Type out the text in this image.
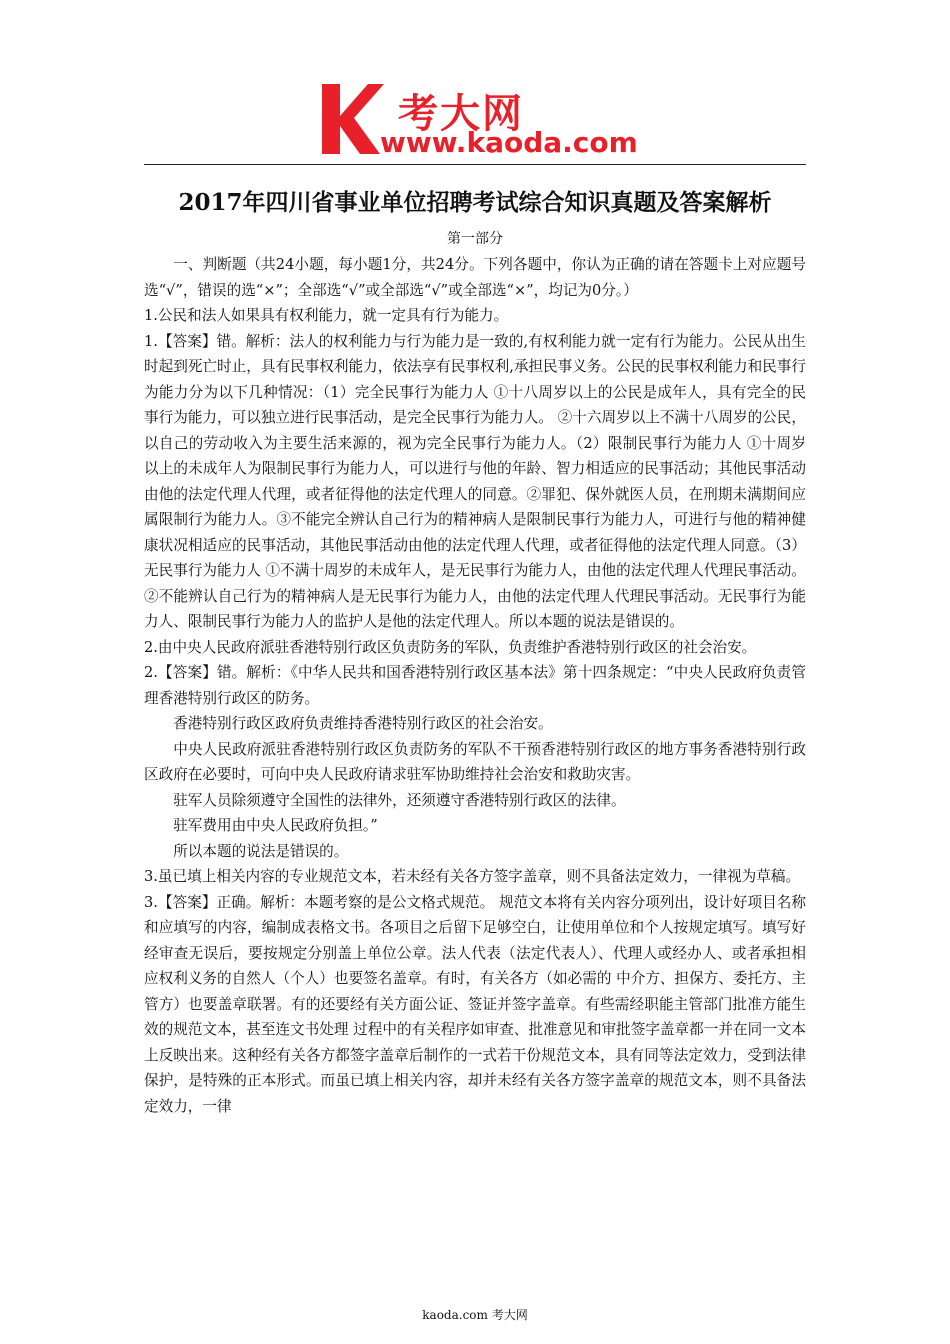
考大网
www.kaoda.com
2017年四川省事业单位招聘考试综合知识真题及答案解析
第一部分

一、判断题（共24小题，每小题1分，共24分。下列各题中，你认为正确的请在答题卡上对应题号选“√”，错误的选“×”；全部选“√”或全部选“√”或全部选“×”，均记为0分。）

1.公民和法人如果具有权利能力，就一定具有行为能力。

1.【答案】错。解析：法人的权利能力与行为能力是一致的,有权利能力就一定有行为能力。公民从出生时起到死亡时止，具有民事权利能力，依法享有民事权利,承担民事义务。公民的民事权利能力和民事行为能力分为以下几种情况：（1）完全民事行为能力人 ①十八周岁以上的公民是成年人，具有完全的民事行为能力，可以独立进行民事活动，是完全民事行为能力人。 ②十六周岁以上不满十八周岁的公民，以自己的劳动收入为主要生活来源的，视为完全民事行为能力人。（2）限制民事行为能力人 ①十周岁以上的未成年人为限制民事行为能力人，可以进行与他的年龄、智力相适应的民事活动；其他民事活动由他的法定代理人代理，或者征得他的法定代理人的同意。②罪犯、保外就医人员，在刑期未满期间应属限制行为能力人。③不能完全辨认自己行为的精神病人是限制民事行为能力人，可进行与他的精神健康状况相适应的民事活动，其他民事活动由他的法定代理人代理，或者征得他的法定代理人同意。（3）无民事行为能力人 ①不满十周岁的未成年人，是无民事行为能力人，由他的法定代理人代理民事活动。②不能辨认自己行为的精神病人是无民事行为能力人，由他的法定代理人代理民事活动。无民事行为能力人、限制民事行为能力人的监护人是他的法定代理人。所以本题的说法是错误的。

2.由中央人民政府派驻香港特别行政区负责防务的军队，负责维护香港特别行政区的社会治安。

2.【答案】错。解析：《中华人民共和国香港特别行政区基本法》第十四条规定：“中央人民政府负责管理香港特别行政区的防务。

香港特别行政区政府负责维持香港特别行政区的社会治安。

中央人民政府派驻香港特别行政区负责防务的军队不干预香港特别行政区的地方事务香港特别行政区政府在必要时，可向中央人民政府请求驻军协助维持社会治安和救助灾害。

驻军人员除须遵守全国性的法律外，还须遵守香港特别行政区的法律。

驻军费用由中央人民政府负担。”

所以本题的说法是错误的。

3.虽已填上相关内容的专业规范文本，若未经有关各方签字盖章，则不具备法定效力，一律视为草稿。

3.【答案】正确。解析：本题考察的是公文格式规范。 规范文本将有关内容分项列出，设计好项目名称和应填写的内容，编制成表格文书。各项目之后留下足够空白，让使用单位和个人按规定填写。填写好经审查无误后，要按规定分别盖上单位公章。法人代表（法定代表人）、代理人或经办人、或者承担相应权利义务的自然人（个人）也要签名盖章。有时，有关各方（如必需的 中介方、担保方、委托方、主管方）也要盖章联署。有的还要经有关方面公证、签证并签字盖章。有些需经职能主管部门批准方能生效的规范文本，甚至连文书处理 过程中的有关程序如审查、批准意见和审批签字盖章都一并在同一文本上反映出来。这种经有关各方都签字盖章后制作的一式若干份规范文本，具有同等法定效力，受到法律保护，是特殊的正本形式。而虽已填上相关内容，却并未经有关各方签字盖章的规范文本，则不具备法定效力，一律

kaoda.com 考大网
